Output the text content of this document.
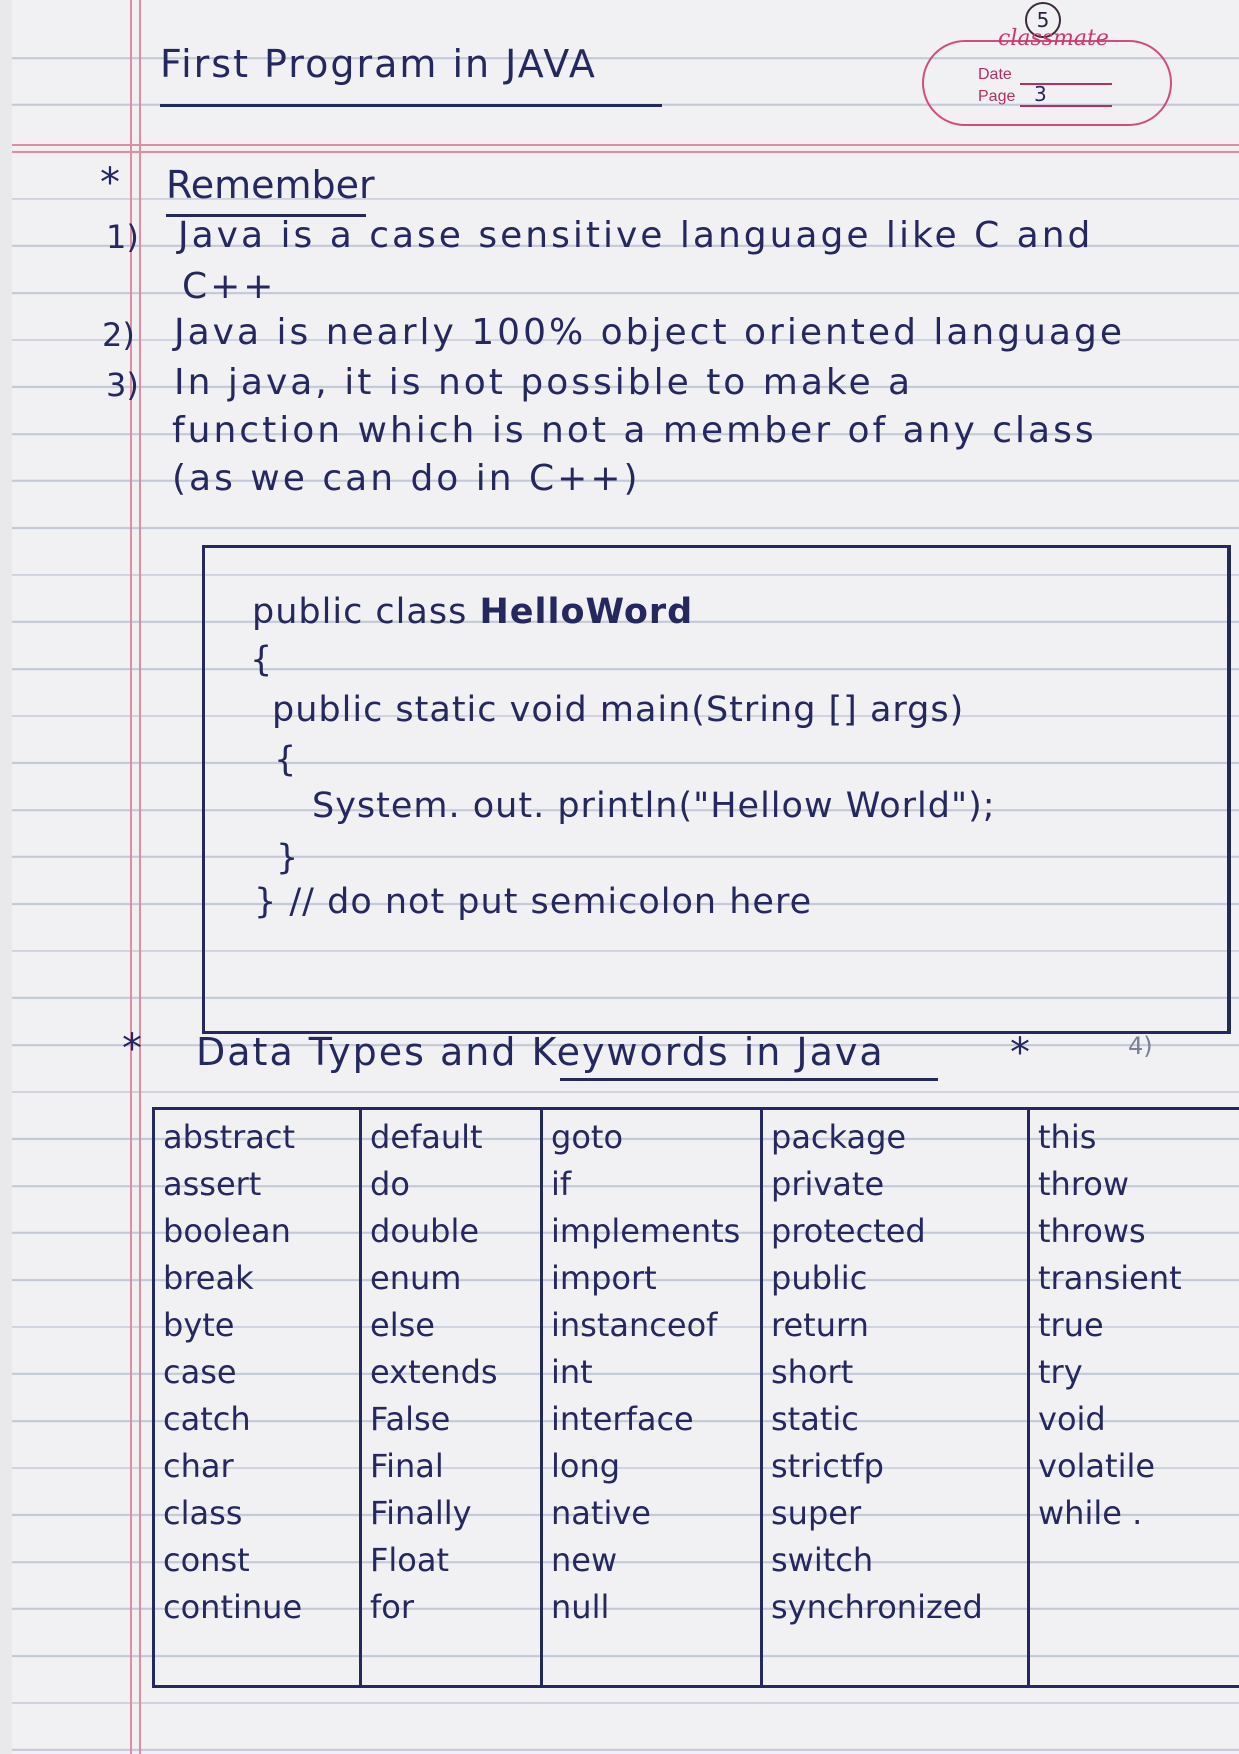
5
First Program in JAVA
classmate
Date
Page 3
* Remember
1) Java is a case sensitive language like C and
C++
2) Java is nearly 100% object oriented language
3) In java, it is not possible to make a
function which is not a member of any class
(as we can do in C++)
public class HelloWord
{
public static void main(String [] args)
{
System. out. println("Hellow World");
}
} // do not put semicolon here
* Data Types and Keywords in Java	*	4)
abstract
assert
boolean
break
byte
case
catch
char
class
const
continue
default
do
double
enum
else
extends
False
Final
Finally
Float
for
goto
if
implements
import
instanceof
int
interface
long
native
new
null
package
private
protected
public
return
short
static
strictfp
super
switch
synchronized
this
throw
throws
transient
true
try
void
volatile
while .
